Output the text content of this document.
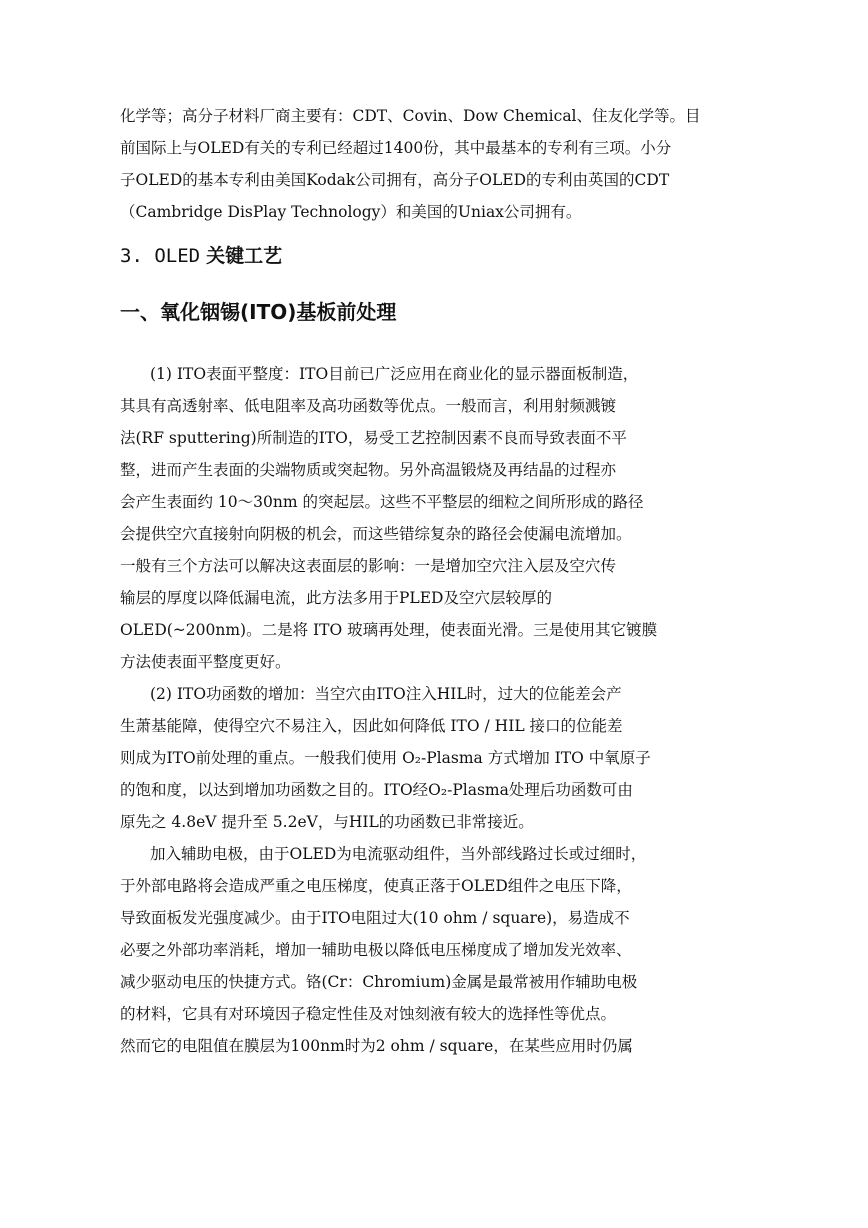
化学等；高分子材料厂商主要有：CDT、Covin、Dow Chemical、住友化学等。目
前国际上与OLED有关的专利已经超过1400份，其中最基本的专利有三项。小分
子OLED的基本专利由美国Kodak公司拥有，高分子OLED的专利由英国的CDT
（Cambridge DisPlay Technology）和美国的Uniax公司拥有。
3. OLED 关键工艺
一、氧化铟锡(ITO)基板前处理
(1) ITO表面平整度：ITO目前已广泛应用在商业化的显示器面板制造，
其具有高透射率、低电阻率及高功函数等优点。一般而言，利用射频溅镀
法(RF sputtering)所制造的ITO，易受工艺控制因素不良而导致表面不平
整，进而产生表面的尖端物质或突起物。另外高温锻烧及再结晶的过程亦
会产生表面约 10～30nm 的突起层。这些不平整层的细粒之间所形成的路径
会提供空穴直接射向阴极的机会，而这些错综复杂的路径会使漏电流增加。
一般有三个方法可以解决这表面层的影响：一是增加空穴注入层及空穴传
输层的厚度以降低漏电流，此方法多用于PLED及空穴层较厚的
OLED(~200nm)。二是将 ITO 玻璃再处理，使表面光滑。三是使用其它镀膜
方法使表面平整度更好。
(2) ITO功函数的增加：当空穴由ITO注入HIL时，过大的位能差会产
生萧基能障，使得空穴不易注入，因此如何降低 ITO / HIL 接口的位能差
则成为ITO前处理的重点。一般我们使用 O₂-Plasma 方式增加 ITO 中氧原子
的饱和度，以达到增加功函数之目的。ITO经O₂-Plasma处理后功函数可由
原先之 4.8eV 提升至 5.2eV，与HIL的功函数已非常接近。
加入辅助电极，由于OLED为电流驱动组件，当外部线路过长或过细时，
于外部电路将会造成严重之电压梯度，使真正落于OLED组件之电压下降，
导致面板发光强度减少。由于ITO电阻过大(10 ohm / square)，易造成不
必要之外部功率消耗，增加一辅助电极以降低电压梯度成了增加发光效率、
减少驱动电压的快捷方式。铬(Cr：Chromium)金属是最常被用作辅助电极
的材料，它具有对环境因子稳定性佳及对蚀刻液有较大的选择性等优点。
然而它的电阻值在膜层为100nm时为2 ohm / square，在某些应用时仍属
